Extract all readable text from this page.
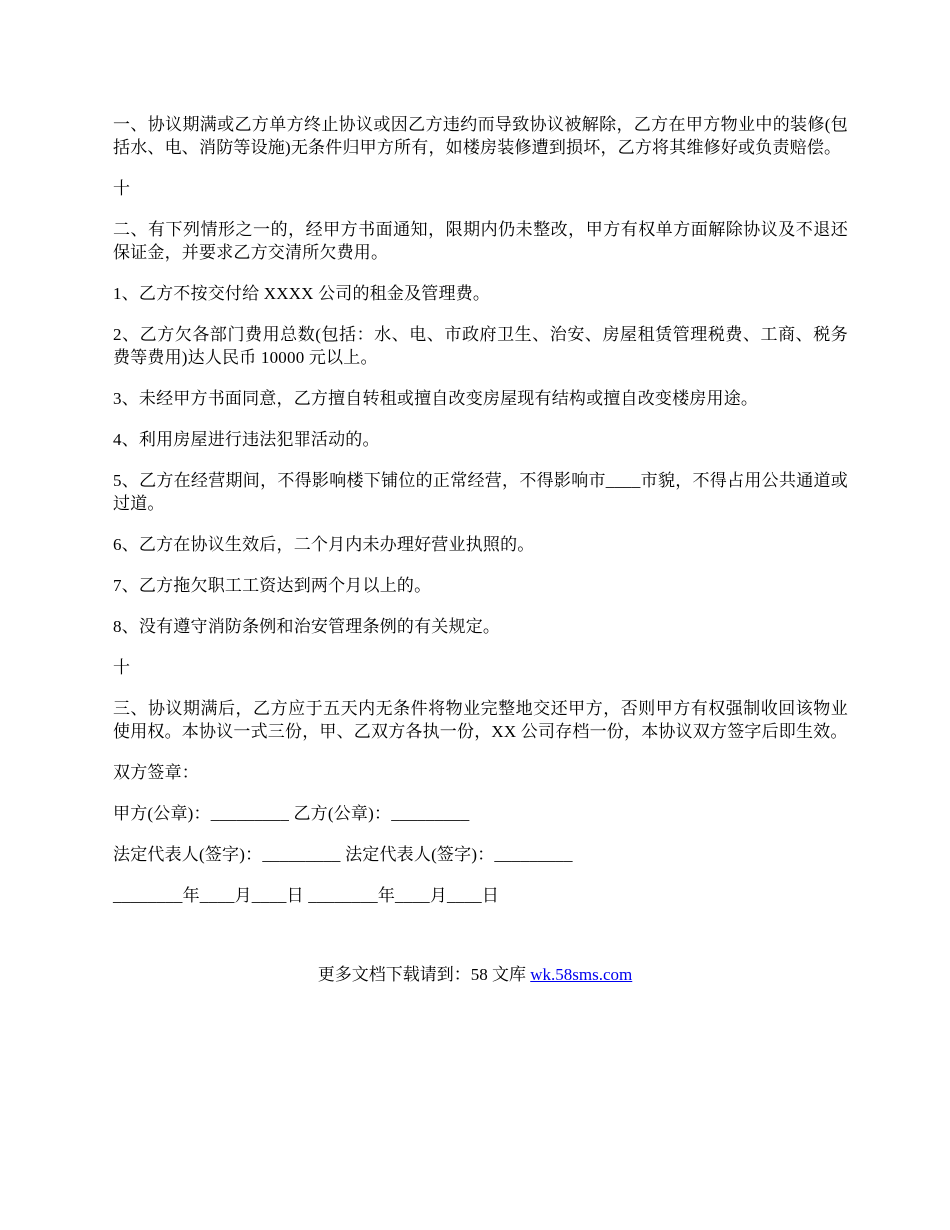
一、协议期满或乙方单方终止协议或因乙方违约而导致协议被解除，乙方在甲方物业中的装修(包括水、电、消防等设施)无条件归甲方所有，如楼房装修遭到损坏，乙方将其维修好或负责赔偿。

十

二、有下列情形之一的，经甲方书面通知，限期内仍未整改，甲方有权单方面解除协议及不退还保证金，并要求乙方交清所欠费用。

1、乙方不按交付给 XXXX 公司的租金及管理费。

2、乙方欠各部门费用总数(包括：水、电、市政府卫生、治安、房屋租赁管理税费、工商、税务费等费用)达人民币 10000 元以上。

3、未经甲方书面同意，乙方擅自转租或擅自改变房屋现有结构或擅自改变楼房用途。

4、利用房屋进行违法犯罪活动的。

5、乙方在经营期间，不得影响楼下铺位的正常经营，不得影响市____市貌，不得占用公共通道或过道。

6、乙方在协议生效后，二个月内未办理好营业执照的。

7、乙方拖欠职工工资达到两个月以上的。

8、没有遵守消防条例和治安管理条例的有关规定。

十

三、协议期满后，乙方应于五天内无条件将物业完整地交还甲方，否则甲方有权强制收回该物业使用权。本协议一式三份，甲、乙双方各执一份，XX 公司存档一份，本协议双方签字后即生效。

双方签章：

甲方(公章)：_________ 乙方(公章)：_________

法定代表人(签字)：_________ 法定代表人(签字)：_________

________年____月____日 ________年____月____日

更多文档下载请到：58 文库 wk.58sms.com
